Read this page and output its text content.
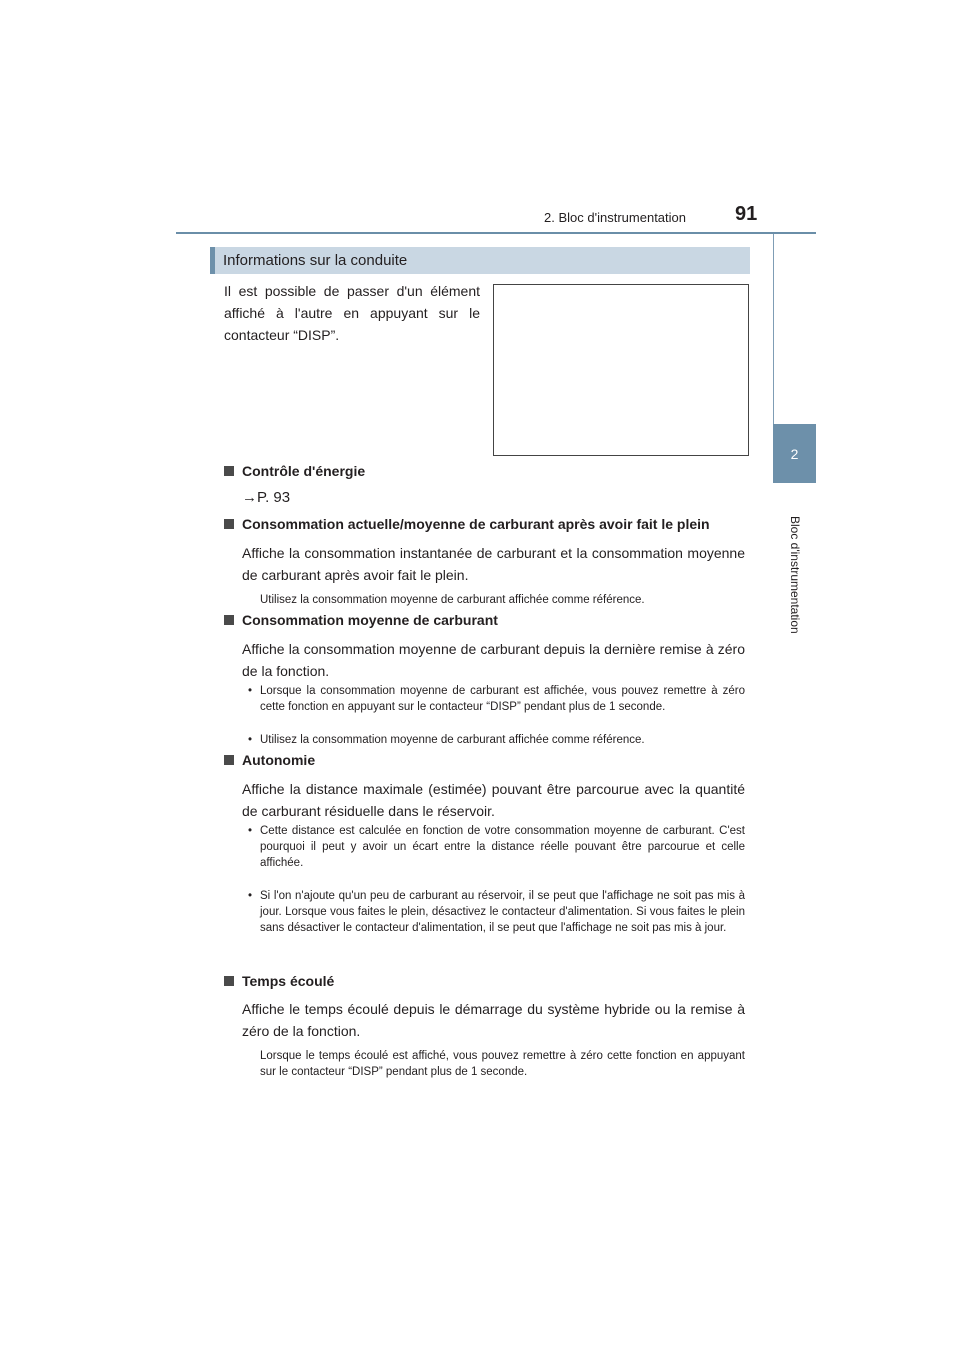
2. Bloc d'instrumentation 91
2
Bloc d'instrumentation
Informations sur la conduite

Il est possible de passer d'un élément affiché à l'autre en appuyant sur le contacteur “DISP”.

Contrôle d'énergie
→P. 93
Consommation actuelle/moyenne de carburant après avoir fait le plein

Affiche la consommation instantanée de carburant et la consommation moyenne de carburant après avoir fait le plein.

Utilisez la consommation moyenne de carburant affichée comme référence.

Consommation moyenne de carburant

Affiche la consommation moyenne de carburant depuis la dernière remise à zéro de la fonction.

• Lorsque la consommation moyenne de carburant est affichée, vous pouvez remettre à zéro cette fonction en appuyant sur le contacteur “DISP” pendant plus de 1 seconde.

• Utilisez la consommation moyenne de carburant affichée comme référence.

Autonomie

Affiche la distance maximale (estimée) pouvant être parcourue avec la quantité de carburant résiduelle dans le réservoir.

• Cette distance est calculée en fonction de votre consommation moyenne de carburant. C'est pourquoi il peut y avoir un écart entre la distance réelle pouvant être parcourue et celle affichée.

• Si l'on n'ajoute qu'un peu de carburant au réservoir, il se peut que l'affichage ne soit pas mis à jour. Lorsque vous faites le plein, désactivez le contacteur d'alimentation. Si vous faites le plein sans désactiver le contacteur d'alimentation, il se peut que l'affichage ne soit pas mis à jour.

Temps écoulé

Affiche le temps écoulé depuis le démarrage du système hybride ou la remise à zéro de la fonction.

Lorsque le temps écoulé est affiché, vous pouvez remettre à zéro cette fonction en appuyant sur le contacteur “DISP” pendant plus de 1 seconde.
